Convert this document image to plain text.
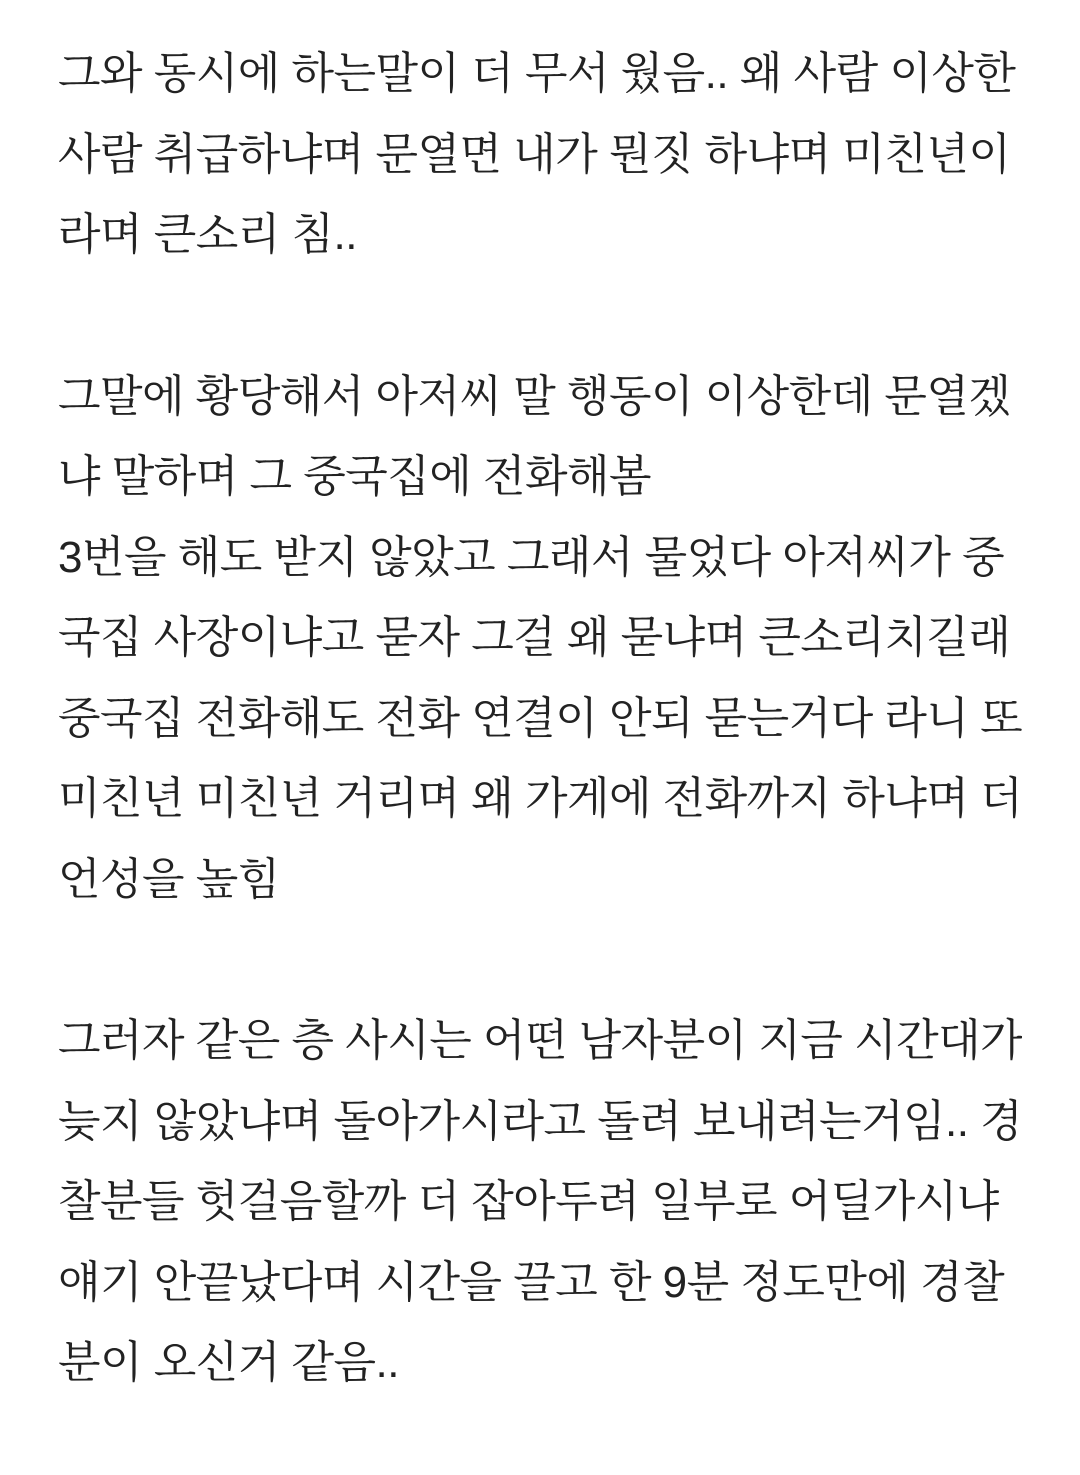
그와 동시에 하는말이 더 무서 웠음.. 왜 사람 이상한
사람 취급하냐며 문열면 내가 뭔짓 하냐며 미친년이
라며 큰소리 침..
그말에 황당해서 아저씨 말 행동이 이상한데 문열겠
냐 말하며 그 중국집에 전화해봄
3번을 해도 받지 않았고 그래서 물었다 아저씨가 중
국집 사장이냐고 묻자 그걸 왜 묻냐며 큰소리치길래
중국집 전화해도 전화 연결이 안되 묻는거다 라니 또
미친년 미친년 거리며 왜 가게에 전화까지 하냐며 더
언성을 높힘
그러자 같은 층 사시는 어떤 남자분이 지금 시간대가
늦지 않았냐며 돌아가시라고 돌려 보내려는거임.. 경
찰분들 헛걸음할까 더 잡아두려 일부로 어딜가시냐
얘기 안끝났다며 시간을 끌고 한 9분 정도만에 경찰
분이 오신거 같음..
